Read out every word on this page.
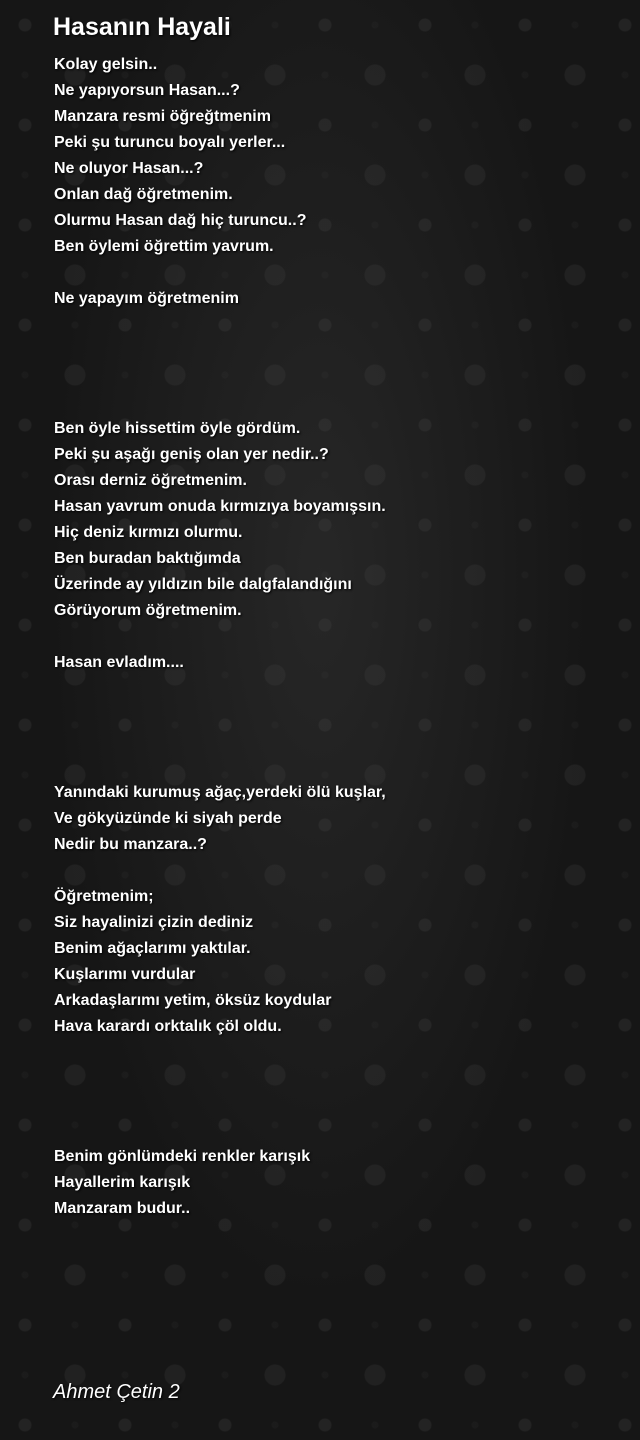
Hasanın Hayali
Kolay gelsin..
Ne yapıyorsun Hasan...?
Manzara resmi öğreğtmenim
Peki şu turuncu boyalı yerler...
Ne oluyor Hasan...?
Onlan dağ öğretmenim.
Olurmu Hasan dağ hiç turuncu..?
Ben öylemi öğrettim yavrum.
Ne yapayım öğretmenim
Ben öyle hissettim öyle gördüm.
Peki şu aşağı geniş olan yer nedir..?
Orası derniz öğretmenim.
Hasan yavrum onuda kırmızıya boyamışsın.
Hiç deniz kırmızı olurmu.
Ben buradan baktığımda
Üzerinde ay yıldızın bile dalgfalandığını
Görüyorum öğretmenim.
Hasan evladım....
Yanındaki kurumuş ağaç,yerdeki ölü kuşlar,
Ve gökyüzünde ki siyah perde
Nedir bu manzara..?
Öğretmenim;
Siz hayalinizi çizin dediniz
Benim ağaçlarımı yaktılar.
Kuşlarımı vurdular
Arkadaşlarımı yetim, öksüz koydular
Hava karardı orktalık çöl oldu.
Benim gönlümdeki renkler karışık
Hayallerim karışık
Manzaram budur..
Ahmet Çetin 2
